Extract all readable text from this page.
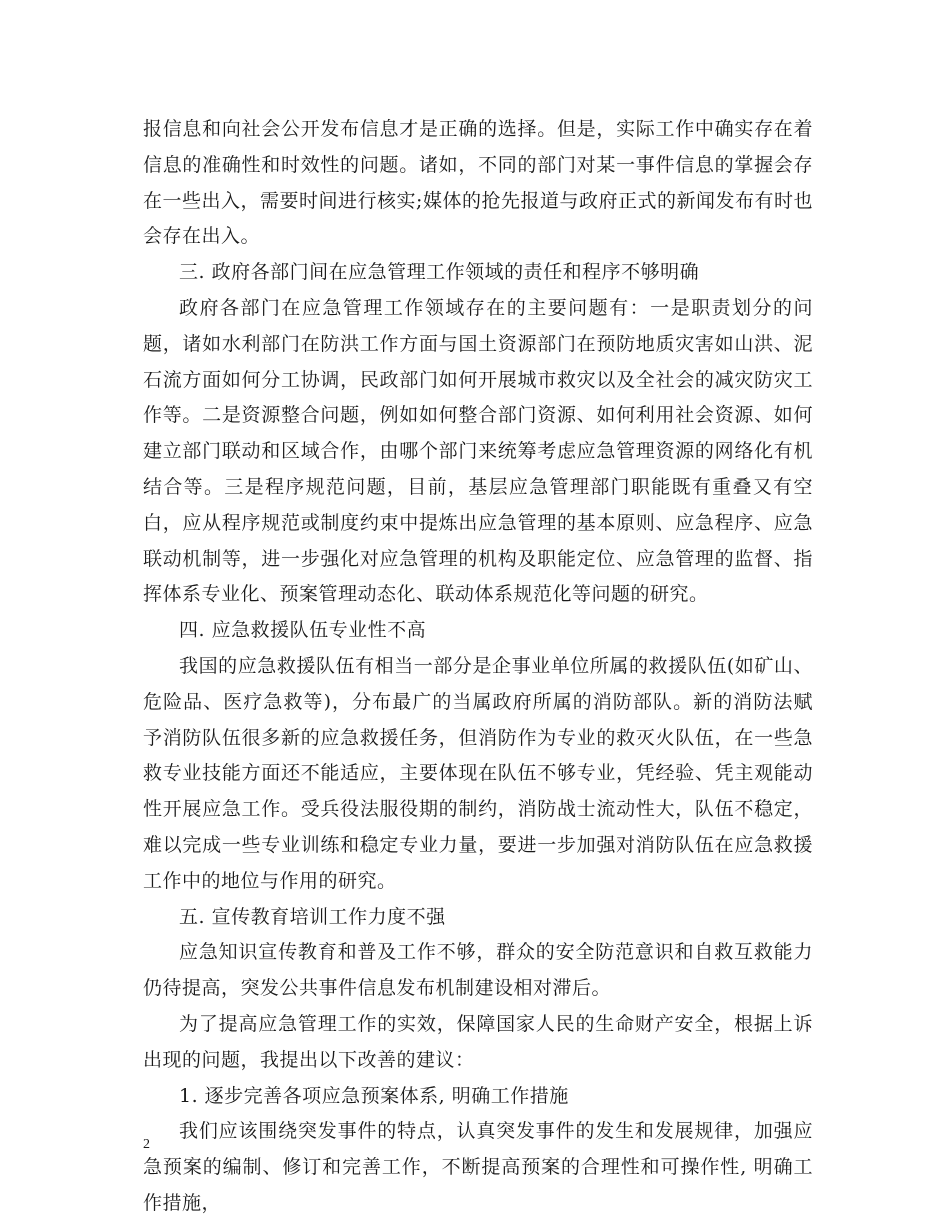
报信息和向社会公开发布信息才是正确的选择。但是，实际工作中确实存在着信息的准确性和时效性的问题。诸如，不同的部门对某一事件信息的掌握会存在一些出入，需要时间进行核实;媒体的抢先报道与政府正式的新闻发布有时也会存在出入。

三. 政府各部门间在应急管理工作领域的责任和程序不够明确

政府各部门在应急管理工作领域存在的主要问题有：一是职责划分的问题，诸如水利部门在防洪工作方面与国土资源部门在预防地质灾害如山洪、泥石流方面如何分工协调，民政部门如何开展城市救灾以及全社会的减灾防灾工作等。二是资源整合问题，例如如何整合部门资源、如何利用社会资源、如何建立部门联动和区域合作，由哪个部门来统筹考虑应急管理资源的网络化有机结合等。三是程序规范问题，目前，基层应急管理部门职能既有重叠又有空白，应从程序规范或制度约束中提炼出应急管理的基本原则、应急程序、应急联动机制等，进一步强化对应急管理的机构及职能定位、应急管理的监督、指挥体系专业化、预案管理动态化、联动体系规范化等问题的研究。

四. 应急救援队伍专业性不高

我国的应急救援队伍有相当一部分是企事业单位所属的救援队伍(如矿山、危险品、医疗急救等)，分布最广的当属政府所属的消防部队。新的消防法赋予消防队伍很多新的应急救援任务，但消防作为专业的救灭火队伍，在一些急救专业技能方面还不能适应，主要体现在队伍不够专业，凭经验、凭主观能动性开展应急工作。受兵役法服役期的制约，消防战士流动性大，队伍不稳定，难以完成一些专业训练和稳定专业力量，要进一步加强对消防队伍在应急救援工作中的地位与作用的研究。

五. 宣传教育培训工作力度不强

应急知识宣传教育和普及工作不够，群众的安全防范意识和自救互救能力仍待提高，突发公共事件信息发布机制建设相对滞后。

为了提高应急管理工作的实效，保障国家人民的生命财产安全，根据上诉出现的问题，我提出以下改善的建议：

1. 逐步完善各项应急预案体系, 明确工作措施

我们应该围绕突发事件的特点，认真突发事件的发生和发展规律，加强应急预案的编制、修订和完善工作，不断提高预案的合理性和可操作性, 明确工作措施，

2
